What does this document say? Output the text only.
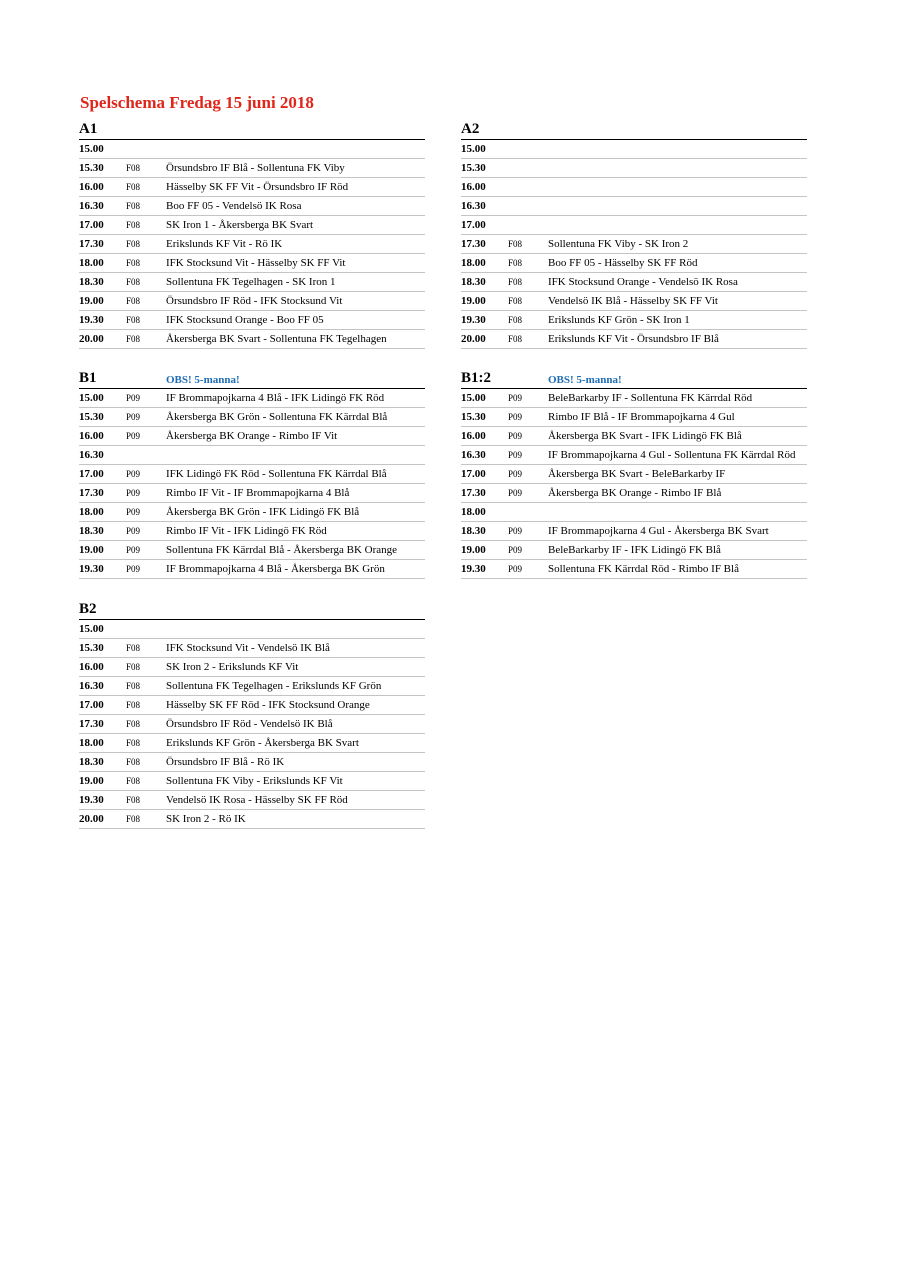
Spelschema Fredag 15 juni 2018
A1
15.00
15.30 F08 Örsundsbro IF Blå - Sollentuna FK Viby
16.00 F08 Hässelby SK FF Vit - Örsundsbro IF Röd
16.30 F08 Boo FF 05 - Vendelsö IK Rosa
17.00 F08 SK Iron 1 - Åkersberga BK Svart
17.30 F08 Erikslunds KF Vit - Rö IK
18.00 F08 IFK Stocksund Vit - Hässelby SK FF Vit
18.30 F08 Sollentuna FK Tegelhagen - SK Iron 1
19.00 F08 Örsundsbro IF Röd - IFK Stocksund Vit
19.30 F08 IFK Stocksund Orange - Boo FF 05
20.00 F08 Åkersberga BK Svart - Sollentuna FK Tegelhagen
A2
15.00
15.30
16.00
16.30
17.00
17.30 F08 Sollentuna FK Viby - SK Iron 2
18.00 F08 Boo FF 05 - Hässelby SK FF Röd
18.30 F08 IFK Stocksund Orange - Vendelsö IK Rosa
19.00 F08 Vendelsö IK Blå - Hässelby SK FF Vit
19.30 F08 Erikslunds KF Grön - SK Iron 1
20.00 F08 Erikslunds KF Vit - Örsundsbro IF Blå
B1	OBS! 5-manna!
15.00 P09 IF Brommapojkarna 4 Blå - IFK Lidingö FK Röd
15.30 P09 Åkersberga BK Grön - Sollentuna FK Kärrdal Blå
16.00 P09 Åkersberga BK Orange - Rimbo IF Vit
16.30
17.00 P09 IFK Lidingö FK Röd - Sollentuna FK Kärrdal Blå
17.30 P09 Rimbo IF Vit - IF Brommapojkarna 4 Blå
18.00 P09 Åkersberga BK Grön - IFK Lidingö FK Blå
18.30 P09 Rimbo IF Vit - IFK Lidingö FK Röd
19.00 P09 Sollentuna FK Kärrdal Blå - Åkersberga BK Orange
19.30 P09 IF Brommapojkarna 4 Blå - Åkersberga BK Grön
B1:2	OBS! 5-manna!
15.00 P09 BeleBarkarby IF - Sollentuna FK Kärrdal Röd
15.30 P09 Rimbo IF Blå - IF Brommapojkarna 4 Gul
16.00 P09 Åkersberga BK Svart - IFK Lidingö FK Blå
16.30 P09 IF Brommapojkarna 4 Gul - Sollentuna FK Kärrdal Röd
17.00 P09 Åkersberga BK Svart - BeleBarkarby IF
17.30 P09 Åkersberga BK Orange - Rimbo IF Blå
18.00
18.30 P09 IF Brommapojkarna 4 Gul - Åkersberga BK Svart
19.00 P09 BeleBarkarby IF - IFK Lidingö FK Blå
19.30 P09 Sollentuna FK Kärrdal Röd - Rimbo IF Blå
B2
15.00
15.30 F08 IFK Stocksund Vit - Vendelsö IK Blå
16.00 F08 SK Iron 2 - Erikslunds KF Vit
16.30 F08 Sollentuna FK Tegelhagen - Erikslunds KF Grön
17.00 F08 Hässelby SK FF Röd - IFK Stocksund Orange
17.30 F08 Örsundsbro IF Röd - Vendelsö IK Blå
18.00 F08 Erikslunds KF Grön - Åkersberga BK Svart
18.30 F08 Örsundsbro IF Blå - Rö IK
19.00 F08 Sollentuna FK Viby - Erikslunds KF Vit
19.30 F08 Vendelsö IK Rosa - Hässelby SK FF Röd
20.00 F08 SK Iron 2 - Rö IK
